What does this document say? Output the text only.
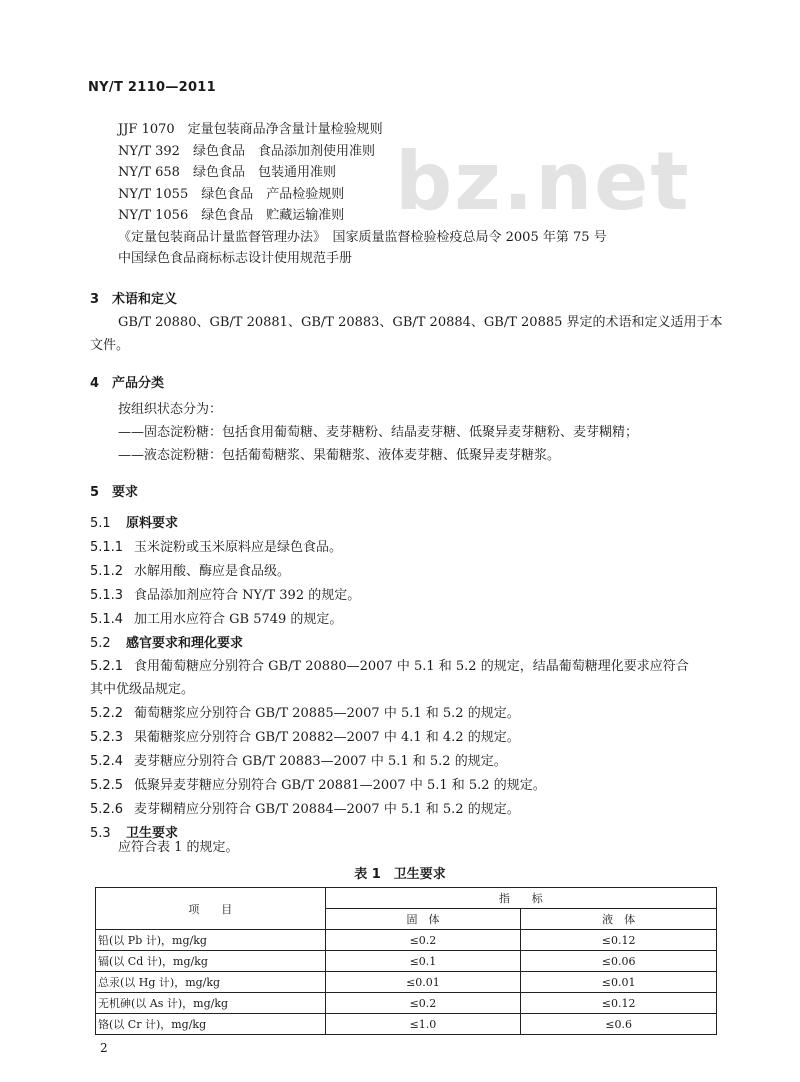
NY/T 2110—2011
JJF 1070　定量包装商品净含量计量检验规则
NY/T 392　绿色食品　食品添加剂使用准则
NY/T 658　绿色食品　包装通用准则
NY/T 1055　绿色食品　产品检验规则
NY/T 1056　绿色食品　贮藏运输准则
《定量包装商品计量监督管理办法》　国家质量监督检验检疫总局令 2005 年第 75 号
中国绿色食品商标标志设计使用规范手册
bz.net
3 术语和定义
GB/T 20880、GB/T 20881、GB/T 20883、GB/T 20884、GB/T 20885 界定的术语和定义适用于本文件。
4 产品分类
按组织状态分为：
——固态淀粉糖：包括食用葡萄糖、麦芽糖粉、结晶麦芽糖、低聚异麦芽糖粉、麦芽糊精；
——液态淀粉糖：包括葡萄糖浆、果葡糖浆、液体麦芽糖、低聚异麦芽糖浆。
5 要求
5.1 原料要求
5.1.1 玉米淀粉或玉米原料应是绿色食品。
5.1.2 水解用酸、酶应是食品级。
5.1.3 食品添加剂应符合 NY/T 392 的规定。
5.1.4 加工用水应符合 GB 5749 的规定。
5.2 感官要求和理化要求
5.2.1 食用葡萄糖应分别符合 GB/T 20880—2007 中 5.1 和 5.2 的规定，结晶葡萄糖理化要求应符合
其中优级品规定。
5.2.2 葡萄糖浆应分别符合 GB/T 20885—2007 中 5.1 和 5.2 的规定。
5.2.3 果葡糖浆应分别符合 GB/T 20882—2007 中 4.1 和 4.2 的规定。
5.2.4 麦芽糖应分别符合 GB/T 20883—2007 中 5.1 和 5.2 的规定。
5.2.5 低聚异麦芽糖应分别符合 GB/T 20881—2007 中 5.1 和 5.2 的规定。
5.2.6 麦芽糊精应分别符合 GB/T 20884—2007 中 5.1 和 5.2 的规定。
5.3 卫生要求
应符合表 1 的规定。
表 1　卫生要求
项　　目	指　　标	
	固　体	液　体
铅(以 Pb 计)，mg/kg	≤0.2	≤0.12
镉(以 Cd 计)，mg/kg	≤0.1	≤0.06
总汞(以 Hg 计)，mg/kg	≤0.01	≤0.01
无机砷(以 As 计)，mg/kg	≤0.2	≤0.12
铬(以 Cr 计)，mg/kg	≤1.0	≤0.6
2
